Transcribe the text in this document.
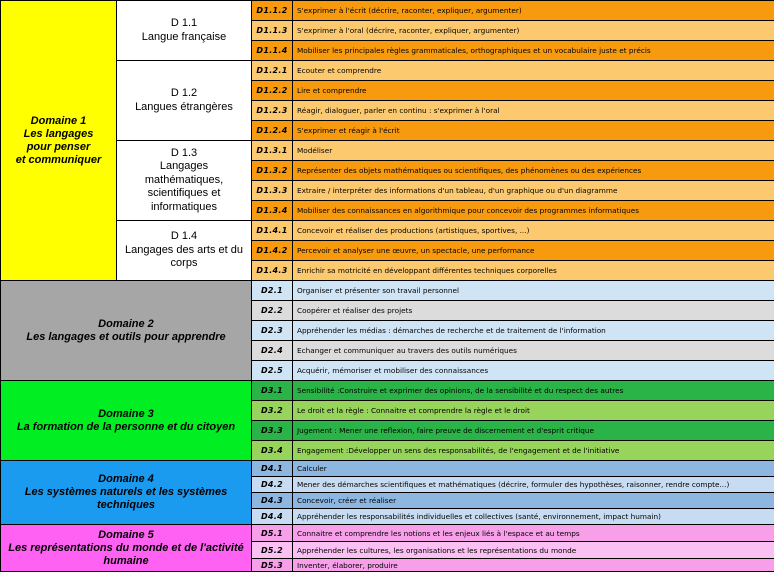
Domaine 1
Les langages
pour penser
et communiquer
D 1.1
Langue française
D 1.2
Langues étrangères
D 1.3
Langages
mathématiques,
scientifiques et
informatiques
D 1.4
Langages des arts et du
corps
D1.1.2 S'exprimer à l'écrit (décrire, raconter, expliquer, argumenter)
D1.1.3 S'exprimer à l'oral (décrire, raconter, expliquer, argumenter)
D1.1.4 Mobiliser les principales règles grammaticales, orthographiques et un vocabulaire juste et précis
D1.2.1 Ecouter et comprendre
D1.2.2 Lire et comprendre
D1.2.3 Réagir, dialoguer, parler en continu : s'exprimer à l'oral
D1.2.4 S'exprimer et réagir à l'écrit
D1.3.1 Modéliser
D1.3.2 Représenter des objets mathématiques ou scientifiques, des phénomènes ou des expériences
D1.3.3 Extraire / interpréter des informations d'un tableau, d'un graphique ou d'un diagramme
D1.3.4 Mobiliser des connaissances en algorithmique pour concevoir des programmes informatiques
D1.4.1 Concevoir et réaliser des productions (artistiques, sportives, ...)
D1.4.2 Percevoir et analyser une œuvre, un spectacle, une performance
D1.4.3 Enrichir sa motricité en développant différentes techniques corporelles
Domaine 2
Les langages et outils pour apprendre
D2.1 Organiser et présenter son travail personnel
D2.2 Coopérer et réaliser des projets
D2.3 Appréhender les médias : démarches de recherche et de traitement de l'information
D2.4 Echanger et communiquer au travers des outils numériques
D2.5 Acquérir, mémoriser et mobiliser des connaissances
Domaine 3
La formation de la personne et du citoyen
D3.1 Sensibilité :Construire et exprimer des opinions, de la sensibilité et du respect des autres
D3.2 Le droit et la règle : Connaitre et comprendre la règle et le droit
D3.3 Jugement : Mener une reflexion, faire preuve de discernement et d'esprit critique
D3.4 Engagement :Développer un sens des responsabilités, de l'engagement et de l'initiative
Domaine 4
Les systèmes naturels et les systèmes
techniques
D4.1 Calculer
D4.2 Mener des démarches scientifiques et mathématiques (décrire, formuler des hypothèses, raisonner, rendre compte...)
D4.3 Concevoir, créer et réaliser
D4.4 Appréhender les responsabilités individuelles et collectives (santé, environnement, impact humain)
Domaine 5
Les représentations du monde et de l'activité
humaine
D5.1 Connaitre et comprendre les notions et les enjeux liés à l'espace et au temps
D5.2 Appréhender les cultures, les organisations et les représentations du monde
D5.3 Inventer, élaborer, produire
